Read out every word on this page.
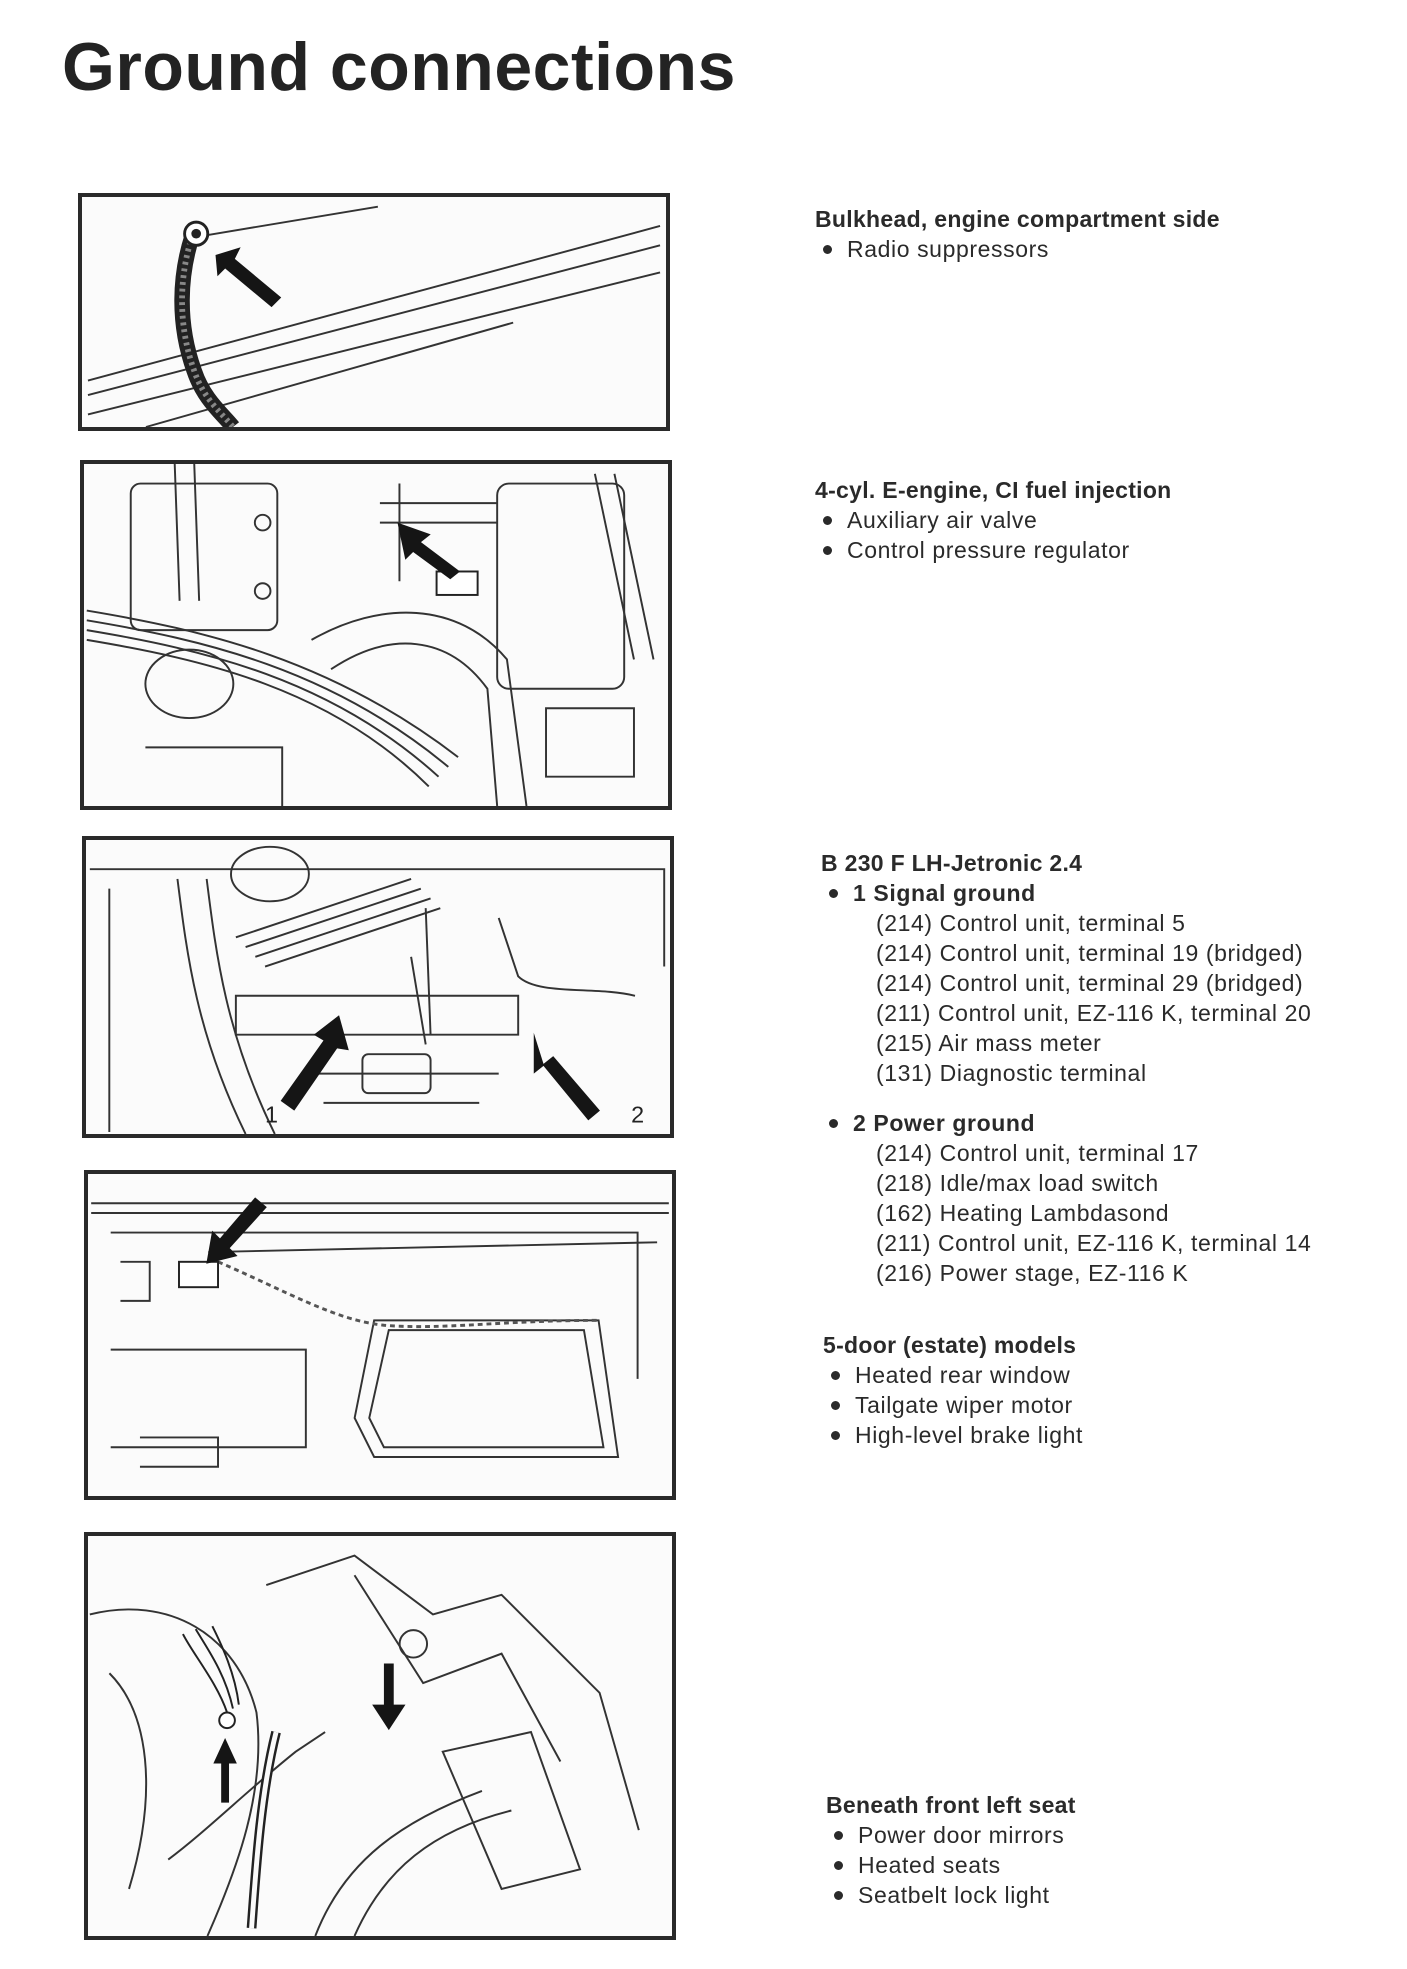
Ground connections
1	2
Bulkhead, engine compartment side
Radio suppressors
4-cyl. E-engine, CI fuel injection
Auxiliary air valve
Control pressure regulator
B 230 F LH-Jetronic 2.4
1 Signal ground
(214) Control unit, terminal 5
(214) Control unit, terminal 19 (bridged)
(214) Control unit, terminal 29 (bridged)
(211) Control unit, EZ-116 K, terminal 20
(215) Air mass meter
(131) Diagnostic terminal
2 Power ground
(214) Control unit, terminal 17
(218) Idle/max load switch
(162) Heating Lambdasond
(211) Control unit, EZ-116 K, terminal 14
(216) Power stage, EZ-116 K
5-door (estate) models
Heated rear window
Tailgate wiper motor
High-level brake light
Beneath front left seat
Power door mirrors
Heated seats
Seatbelt lock light
